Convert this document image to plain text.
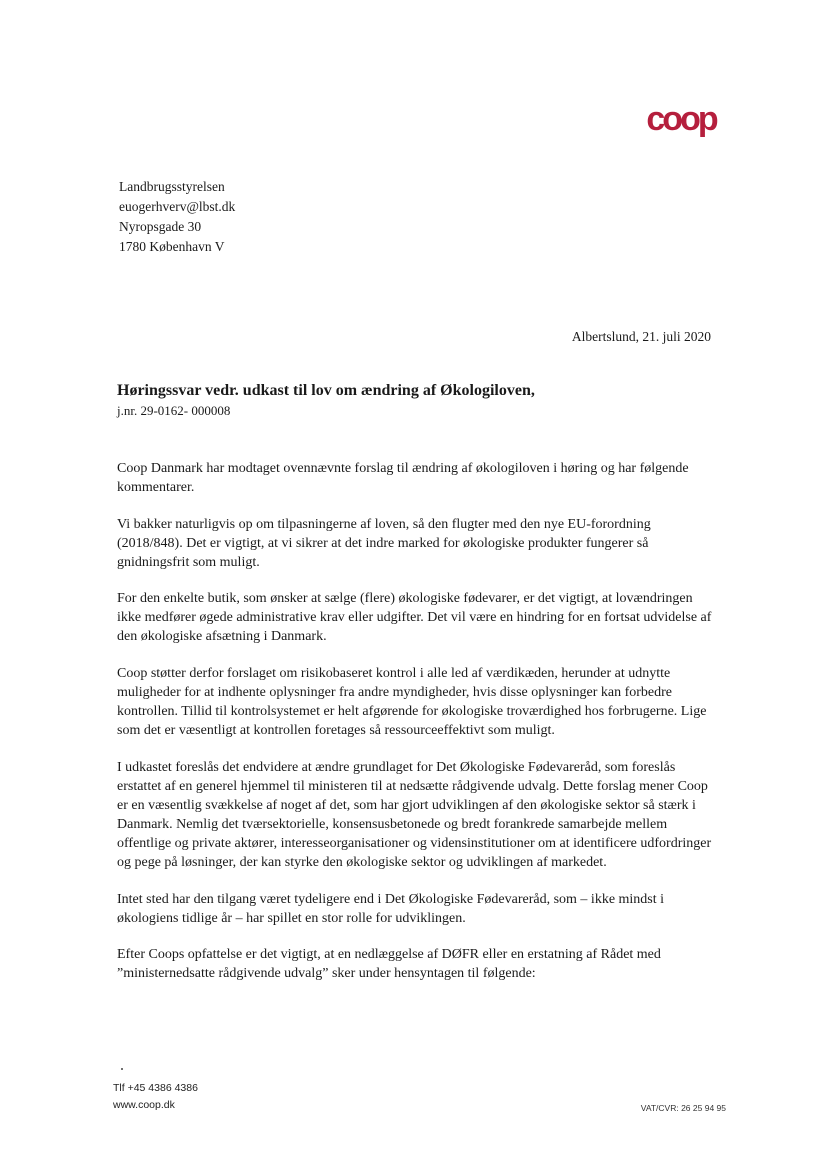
coop
Landbrugsstyrelsen
euogerhverv@lbst.dk
Nyropsgade 30
1780 København V
Albertslund, 21. juli 2020
Høringssvar vedr. udkast til lov om ændring af Økologiloven,
j.nr. 29-0162- 000008

Coop Danmark har modtaget ovennævnte forslag til ændring af økologiloven i høring og har følgende kommentarer.

Vi bakker naturligvis op om tilpasningerne af loven, så den flugter med den nye EU-forordning (2018/848). Det er vigtigt, at vi sikrer at det indre marked for økologiske produkter fungerer så gnidningsfrit som muligt.

For den enkelte butik, som ønsker at sælge (flere) økologiske fødevarer, er det vigtigt, at lovændringen ikke medfører øgede administrative krav eller udgifter. Det vil være en hindring for en fortsat udvidelse af den økologiske afsætning i Danmark.

Coop støtter derfor forslaget om risikobaseret kontrol i alle led af værdikæden, herunder at udnytte muligheder for at indhente oplysninger fra andre myndigheder, hvis disse oplysninger kan forbedre kontrollen. Tillid til kontrolsystemet er helt afgørende for økologiske troværdighed hos forbrugerne. Lige som det er væsentligt at kontrollen foretages så ressourceeffektivt som muligt.

I udkastet foreslås det endvidere at ændre grundlaget for Det Økologiske Fødevareråd, som foreslås erstattet af en generel hjemmel til ministeren til at nedsætte rådgivende udvalg. Dette forslag mener Coop er en væsentlig svækkelse af noget af det, som har gjort udviklingen af den økologiske sektor så stærk i Danmark. Nemlig det tværsektorielle, konsensusbetonede og bredt forankrede samarbejde mellem offentlige og private aktører, interesseorganisationer og vidensinstitutioner om at identificere udfordringer og pege på løsninger, der kan styrke den økologiske sektor og udviklingen af markedet.

Intet sted har den tilgang været tydeligere end i Det Økologiske Fødevareråd, som – ikke mindst i økologiens tidlige år – har spillet en stor rolle for udviklingen.

Efter Coops opfattelse er det vigtigt, at en nedlæggelse af DØFR eller en erstatning af Rådet med ”ministernedsatte rådgivende udvalg” sker under hensyntagen til følgende:

Tlf +45 4386 4386
www.coop.dk	VAT/CVR: 26 25 94 95
